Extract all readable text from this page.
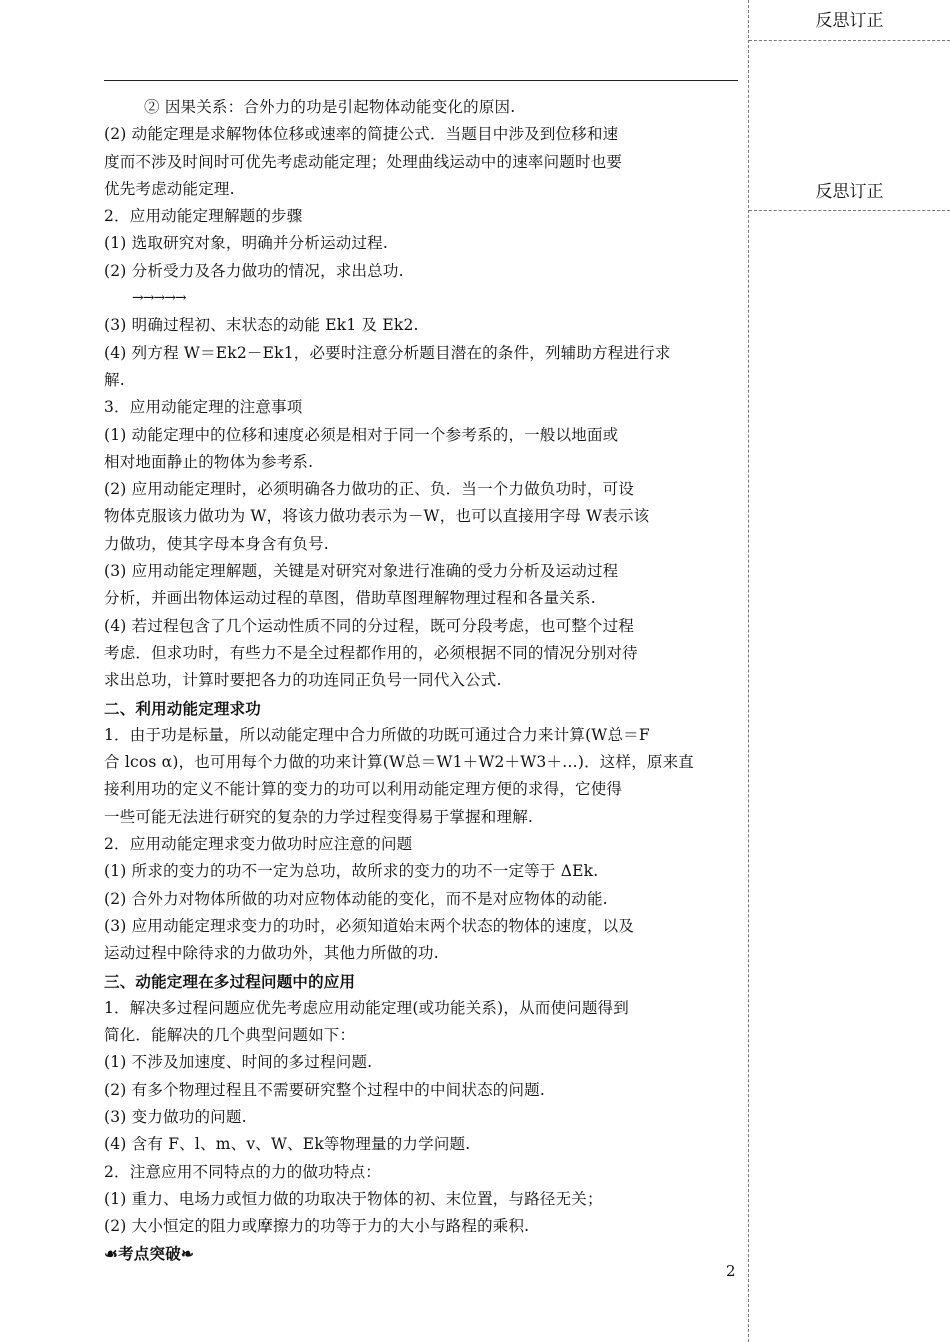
反思订正
反思订正

② 因果关系：合外力的功是引起物体动能变化的原因.

(2) 动能定理是求解物体位移或速率的简捷公式．当题目中涉及到位移和速

度而不涉及时间时可优先考虑动能定理；处理曲线运动中的速率问题时也要

优先考虑动能定理.

2．应用动能定理解题的步骤

(1) 选取研究对象，明确并分析运动过程.

(2) 分析受力及各力做功的情况，求出总功.

→→→→→

(3) 明确过程初、末状态的动能 Ek1 及 Ek2.

(4) 列方程 W＝Ek2－Ek1，必要时注意分析题目潜在的条件，列辅助方程进行求

解.

3．应用动能定理的注意事项

(1) 动能定理中的位移和速度必须是相对于同一个参考系的，一般以地面或

相对地面静止的物体为参考系.

(2) 应用动能定理时，必须明确各力做功的正、负．当一个力做负功时，可设

物体克服该力做功为 W，将该力做功表示为－W，也可以直接用字母 W表示该

力做功，使其字母本身含有负号.

(3) 应用动能定理解题，关键是对研究对象进行准确的受力分析及运动过程

分析，并画出物体运动过程的草图，借助草图理解物理过程和各量关系.

(4) 若过程包含了几个运动性质不同的分过程，既可分段考虑，也可整个过程

考虑．但求功时，有些力不是全过程都作用的，必须根据不同的情况分别对待

求出总功，计算时要把各力的功连同正负号一同代入公式.

二、利用动能定理求功

1．由于功是标量，所以动能定理中合力所做的功既可通过合力来计算(W总＝F

合 lcos α)，也可用每个力做的功来计算(W总＝W1＋W2＋W3＋…)．这样，原来直

接利用功的定义不能计算的变力的功可以利用动能定理方便的求得，它使得

一些可能无法进行研究的复杂的力学过程变得易于掌握和理解.

2．应用动能定理求变力做功时应注意的问题

(1) 所求的变力的功不一定为总功，故所求的变力的功不一定等于 ΔEk.

(2) 合外力对物体所做的功对应物体动能的变化，而不是对应物体的动能.

(3) 应用动能定理求变力的功时，必须知道始末两个状态的物体的速度，以及

运动过程中除待求的力做功外，其他力所做的功.

三、动能定理在多过程问题中的应用

1．解决多过程问题应优先考虑应用动能定理(或功能关系)，从而使问题得到

简化．能解决的几个典型问题如下：

(1) 不涉及加速度、时间的多过程问题.

(2) 有多个物理过程且不需要研究整个过程中的中间状态的问题.

(3) 变力做功的问题.

(4) 含有 F、l、m、v、W、Ek等物理量的力学问题.

2．注意应用不同特点的力的做功特点：

(1) 重力、电场力或恒力做的功取决于物体的初、末位置，与路径无关；

(2) 大小恒定的阻力或摩擦力的功等于力的大小与路程的乘积.

☙考点突破❧

2
